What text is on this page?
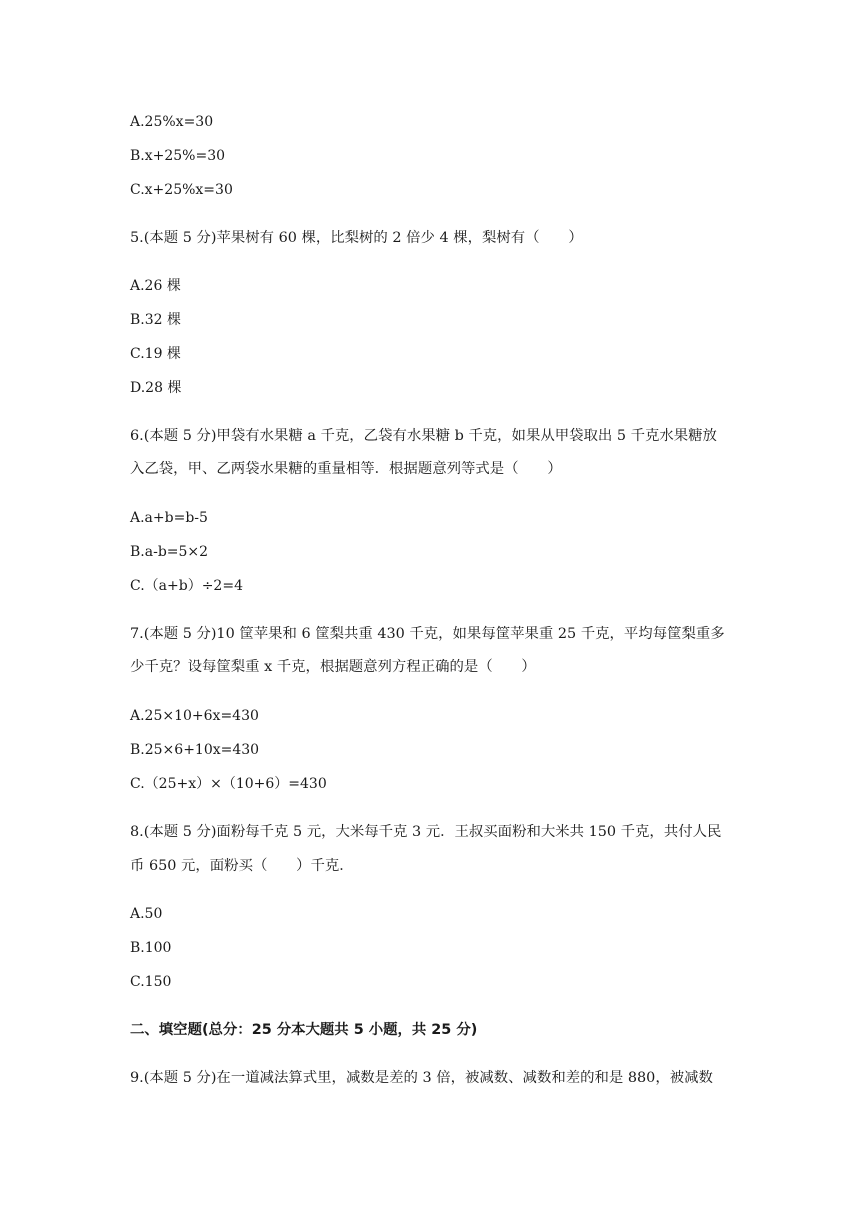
A.25%x=30
B.x+25%=30
C.x+25%x=30
5.(本题 5 分)苹果树有 60 棵，比梨树的 2 倍少 4 棵，梨树有（　　）
A.26 棵
B.32 棵
C.19 棵
D.28 棵
6.(本题 5 分)甲袋有水果糖 a 千克，乙袋有水果糖 b 千克，如果从甲袋取出 5 千克水果糖放
入乙袋，甲、乙两袋水果糖的重量相等．根据题意列等式是（　　）
A.a+b=b-5
B.a-b=5×2
C.（a+b）÷2=4
7.(本题 5 分)10 筐苹果和 6 筐梨共重 430 千克，如果每筐苹果重 25 千克，平均每筐梨重多
少千克？设每筐梨重 x 千克，根据题意列方程正确的是（　　）
A.25×10+6x=430
B.25×6+10x=430
C.（25+x）×（10+6）=430
8.(本题 5 分)面粉每千克 5 元，大米每千克 3 元．王叔买面粉和大米共 150 千克，共付人民
币 650 元，面粉买（　　）千克．
A.50
B.100
C.150
二、填空题(总分：25 分本大题共 5 小题，共 25 分)
9.(本题 5 分)在一道减法算式里，减数是差的 3 倍，被减数、减数和差的和是 880，被减数
